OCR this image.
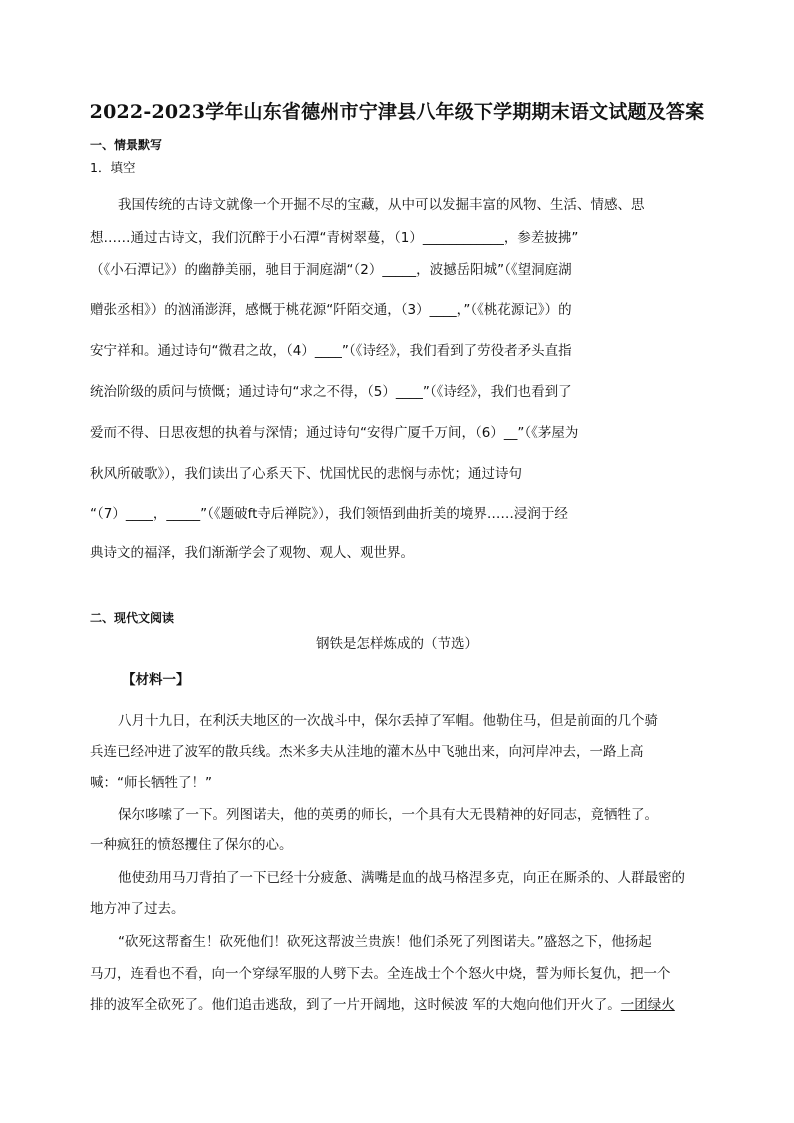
2022-2023学年山东省德州市宁津县八年级下学期期末语文试题及答案
一、情景默写
1．填空
我国传统的古诗文就像一个开掘不尽的宝藏，从中可以发掘丰富的风物、生活、情感、思
想……通过古诗文，我们沉醉于小石潭“青树翠蔓，（1）____________，参差披拂”
（《小石潭记》）的幽静美丽，驰目于洞庭湖“（2）_____，波撼岳阳城”（《望洞庭湖
赠张丞相》）的汹涌澎湃，感慨于桃花源“阡陌交通，（3）____，”（《桃花源记》）的
安宁祥和。通过诗句“微君之故，（4）____”（《诗经》，我们看到了劳役者矛头直指
统治阶级的质问与愤慨；通过诗句“求之不得，（5）____”（《诗经》，我们也看到了
爱而不得、日思夜想的执着与深情；通过诗句“安得广厦千万间，（6）__”（《茅屋为
秋风所破歌》），我们读出了心系天下、忧国忧民的悲悯与赤忱；通过诗句
“（7）____，_____”（《题破ft寺后禅院》），我们领悟到曲折美的境界……浸润于经
典诗文的福泽，我们渐渐学会了观物、观人、观世界。
二、现代文阅读
钢铁是怎样炼成的（节选）
【材料一】
八月十九日，在利沃夫地区的一次战斗中，保尔丢掉了军帽。他勒住马，但是前面的几个骑
兵连已经冲进了波军的散兵线。杰米多夫从洼地的灌木丛中飞驰出来，向河岸冲去，一路上高
喊：“师长牺牲了！”
保尔哆嗦了一下。列图诺夫，他的英勇的师长，一个具有大无畏精神的好同志，竟牺牲了。
一种疯狂的愤怒攫住了保尔的心。
他使劲用马刀背拍了一下已经十分疲惫、满嘴是血的战马格涅多克，向正在厮杀的、人群最密的
地方冲了过去。
“砍死这帮畜生！砍死他们！砍死这帮波兰贵族！他们杀死了列图诺夫。”盛怒之下，他扬起
马刀，连看也不看，向一个穿绿军服的人劈下去。全连战士个个怒火中烧，誓为师长复仇，把一个
排的波军全砍死了。他们追击逃敌，到了一片开阔地，这时候波 军的大炮向他们开火了。一团绿火
